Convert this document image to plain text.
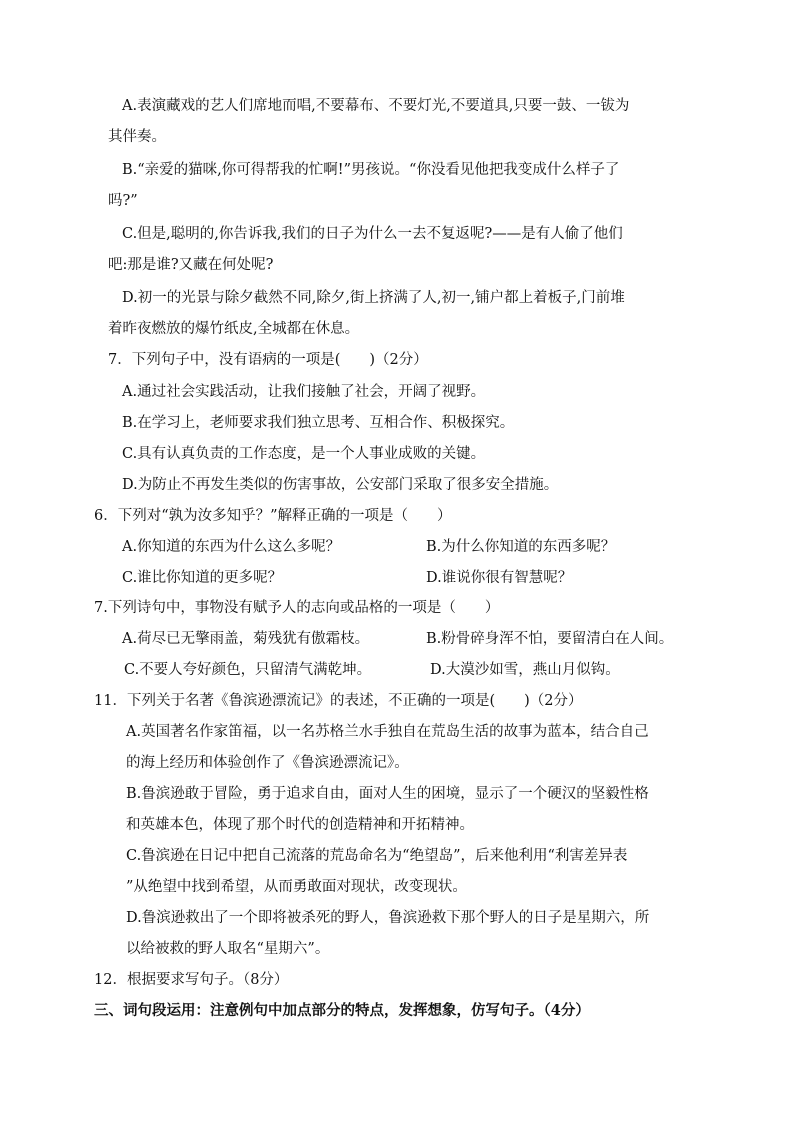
A.表演藏戏的艺人们席地而唱,不要幕布、不要灯光,不要道具,只要一鼓、一钹为
其伴奏。
B.“亲爱的猫咪,你可得帮我的忙啊!”男孩说。“你没看见他把我变成什么样子了
吗?”
C.但是,聪明的,你告诉我,我们的日子为什么一去不复返呢?——是有人偷了他们
吧:那是谁?又藏在何处呢?
D.初一的光景与除夕截然不同,除夕,街上挤满了人,初一,铺户都上着板子,门前堆
着昨夜燃放的爆竹纸皮,全城都在休息。
7．下列句子中，没有语病的一项是(　　)（2分）
A.通过社会实践活动，让我们接触了社会，开阔了视野。
B.在学习上，老师要求我们独立思考、互相合作、积极探究。
C.具有认真负责的工作态度，是一个人事业成败的关键。
D.为防止不再发生类似的伤害事故，公安部门采取了很多安全措施。
6．下列对“孰为汝多知乎？”解释正确的一项是（　　）
A.你知道的东西为什么这么多呢？	B.为什么你知道的东西多呢？
C.谁比你知道的更多呢？	D.谁说你很有智慧呢？
7.下列诗句中，事物没有赋予人的志向或品格的一项是（　　）
A.荷尽已无擎雨盖，菊残犹有傲霜枝。	B.粉骨碎身浑不怕，要留清白在人间。
C.不要人夸好颜色，只留清气满乾坤。	D.大漠沙如雪，燕山月似钩。
11．下列关于名著《鲁滨逊漂流记》的表述，不正确的一项是(　　)（2分）
A.英国著名作家笛福，以一名苏格兰水手独自在荒岛生活的故事为蓝本，结合自己
的海上经历和体验创作了《鲁滨逊漂流记》。
B.鲁滨逊敢于冒险，勇于追求自由，面对人生的困境，显示了一个硬汉的坚毅性格
和英雄本色，体现了那个时代的创造精神和开拓精神。
C.鲁滨逊在日记中把自己流落的荒岛命名为“绝望岛”，后来他利用“利害差异表
”从绝望中找到希望，从而勇敢面对现状，改变现状。
D.鲁滨逊救出了一个即将被杀死的野人，鲁滨逊救下那个野人的日子是星期六，所
以给被救的野人取名“星期六”。
12．根据要求写句子。（8分）
三、词句段运用：注意例句中加点部分的特点，发挥想象，仿写句子。（4分）
